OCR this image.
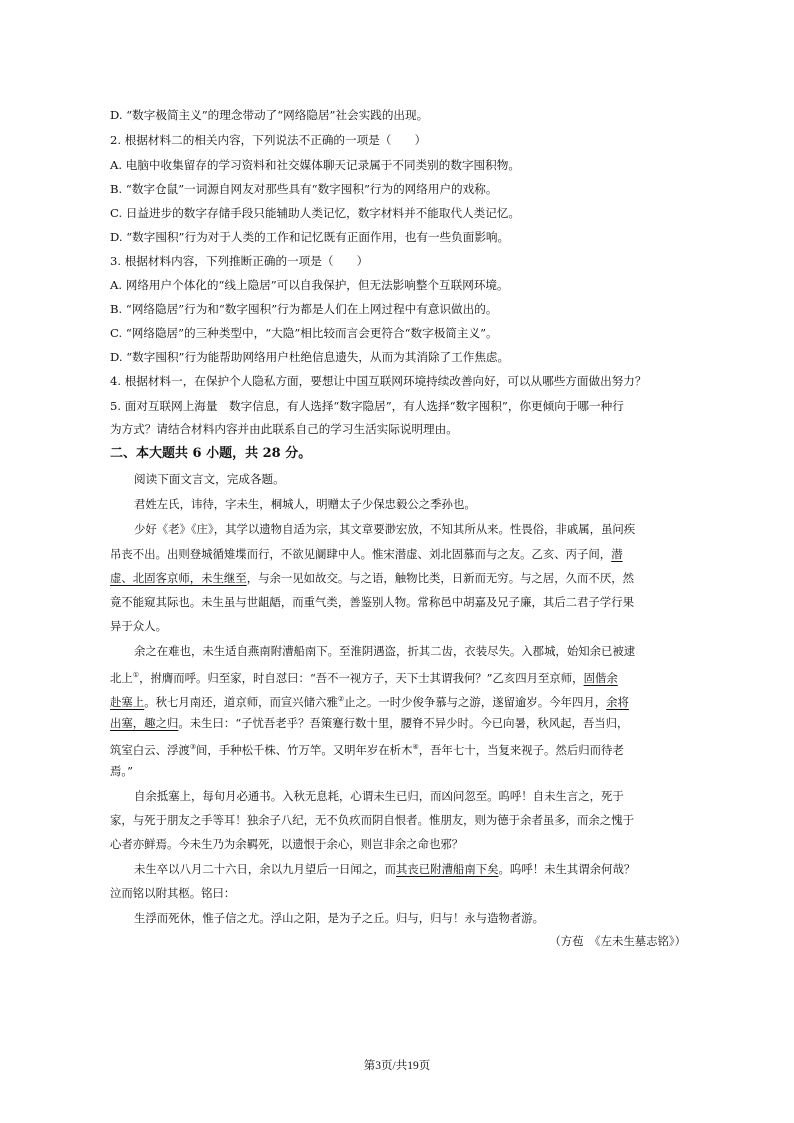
D. “数字极简主义”的理念带动了“网络隐居”社会实践的出现。
2. 根据材料二的相关内容，下列说法不正确的一项是（　　）
A. 电脑中收集留存的学习资料和社交媒体聊天记录属于不同类别的数字囤积物。
B. “数字仓鼠”一词源自网友对那些具有“数字囤积”行为的网络用户的戏称。
C. 日益进步的数字存储手段只能辅助人类记忆，数字材料并不能取代人类记忆。
D. “数字囤积”行为对于人类的工作和记忆既有正面作用，也有一些负面影响。
3. 根据材料内容，下列推断正确的一项是（　　）
A. 网络用户个体化的“线上隐居”可以自我保护，但无法影响整个互联网环境。
B. “网络隐居”行为和“数字囤积”行为都是人们在上网过程中有意识做出的。
C. “网络隐居”的三种类型中，“大隐”相比较而言会更符合“数字极简主义”。
D. “数字囤积”行为能帮助网络用户杜绝信息遗失，从而为其消除了工作焦虑。
4. 根据材料一，在保护个人隐私方面，要想让中国互联网环境持续改善向好，可以从哪些方面做出努力？
5. 面对互联网上海量　数字信息，有人选择“数字隐居”，有人选择“数字囤积”，你更倾向于哪一种行
为方式？请结合材料内容并由此联系自己的学习生活实际说明理由。
二、本大题共 6 小题，共 28 分。
阅读下面文言文，完成各题。
君姓左氏，讳待，字未生，桐城人，明赠太子少保忠毅公之季孙也。
少好《老》《庄》，其学以遗物自适为宗，其文章要渺宏放，不知其所从来。性畏俗，非戚属，虽问疾
吊丧不出。出则登城循雉堞而行，不欲见阛肆中人。惟宋潜虚、刘北固慕而与之友。乙亥、丙子间，潜
虚、北固客京师，未生继至，与余一见如故交。与之语，触物比类，日新而无穷。与之居，久而不厌，然
竟不能窥其际也。未生虽与世龃龉，而重气类，善鉴别人物。常称邑中胡嘉及兄子廉，其后二君子学行果
异于众人。
余之在难也，未生适自燕南附漕船南下。至淮阴遇盗，折其二齿，衣装尽失。入郡城，始知余已被逮
北上①，拊膺而呼。归至家，时自怼曰：“吾不一视方子，天下士其谓我何？”乙亥四月至京师，固偕余
赴塞上。秋七月南还，道京师，而宣兴储六雅②止之。一时少俊争慕与之游，遂留逾岁。今年四月，余将
出塞，趣之归。未生曰：“子忧吾老乎？吾策蹇行数十里，腰脊不异少时。今已向暑，秋风起，吾当归，
筑室白云、浮渡③间，手种松千株、竹万竿。又明年岁在析木④，吾年七十，当复来视子。然后归而待老
焉。”
自余抵塞上，每旬月必通书。入秋无息耗，心谓未生已归，而凶问忽至。呜呼！自未生言之，死于
家，与死于朋友之手等耳！独余子八纪，无不负疚而阴自恨者。惟朋友，则为德于余者虽多，而余之愧于
心者亦鲜焉。今未生乃为余羁死，以遗恨于余心，则岂非余之命也邪？
未生卒以八月二十六日，余以九月望后一日闻之，而其丧已附漕船南下矣。呜呼！未生其谓余何哉？
泣而铭以附其柩。铭曰：
生浮而死休，惟子信之尤。浮山之阳，是为子之丘。归与，归与！永与造物者游。
（方苞　《左未生墓志铭》）
第3页/共19页
